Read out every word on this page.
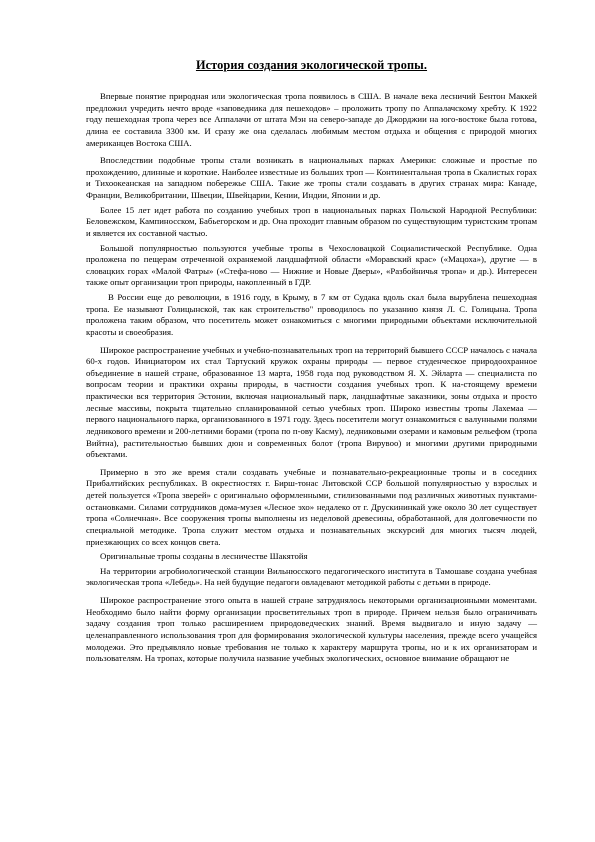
История создания экологической тропы.

Впервые понятие природная или экологическая тропа появилось в США. В начале века лесничий Бентон Маккей предложил учредить нечто вроде «заповедника для пешеходов» – проложить тропу по Аппалачскому хребту. К 1922 году пешеходная тропа через все Аппалачи от штата Мэн на северо-западе до Джорджии на юго-востоке была готова, длина ее составила 3300 км. И сразу же она сделалась любимым местом отдыха и общения с природой многих американцев Востока США.

Впоследствии подобные тропы стали возникать в национальных парках Америки: сложные и простые по прохождению, длинные и короткие. Наиболее известные из больших троп — Континентальная тропа в Скалистых горах и Тихоокеанская на западном побережье США. Такие же тропы стали создавать в других странах мира: Канаде, Франции, Великобритании, Швеции, Швейцарии, Кении, Индии, Японии и др.

Более 15 лет идет работа по созданию учебных троп в национальных парках Польской Народной Республики: Беловежском, Кампиносском, Бабьегорском и др. Она проходит главным образом по существующим туристским тропам и является их составной частью.

Большой популярностью пользуются учебные тропы в Чехословацкой Социалистической Республике. Одна проложена по пещерам отреченной охраняемой ландшафтной области «Моравский крас» («Мацоха»), другие — в словацких горах «Малой Фатры» («Стефа-ново — Нижние и Новые Дверы», «Разбойничья тропа» и др.). Интересен также опыт организации троп природы, накопленный в ГДР.

В России еще до революции, в 1916 году, в Крыму, в 7 км от Судака вдоль скал была вырублена пешеходная тропа. Ее называют Голицынской, так как строительство" проводилось по указанию князя Л. С. Голицына. Тропа проложена таким образом, что посетитель может ознакомиться с многими природными объектами исключительной красоты и своеобразия.

Широкое распространение учебных и учебно-познавательных троп на территорий бывшего СССР началось с начала 60-х годов. Инициатором их стал Тартуский кружок охраны природы — первое студенческое природоохранное объединение в нашей стране, образованное 13 марта, 1958 года под руководством Я. Х. Эйларта — специалиста по вопросам теории и практики охраны природы, в частности создания учебных троп. К на-стоящему времени практически вся территория Эстонии, включая национальный парк, ландшафтные заказники, зоны отдыха и просто лесные массивы, покрыта тщательно спланированной сетью учебных троп. Широко известны тропы Лахемаа — первого национального парка, организованного в 1971 году. Здесь посетители могут ознакомиться с валунными полями ледникового времени и 200-летними борами (тропа по п-ову Касму), ледниковыми озерами и камовым рельефом (тропа Вийтна), растительностью бывших дюн и современных болот (тропа Вирувоо) и многими другими природными объектами.

Примерно в это же время стали создавать учебные и познавательно-рекреационные тропы и в соседних Прибалтийских республиках. В окрестностях г. Бирш-тонас Литовской ССР большой популярностью у взрослых и детей пользуется «Тропа зверей» с оригинально оформленными, стилизованными под различных животных пунктами-остановками. Силами сотрудников дома-музея «Лесное эхо» недалеко от г. Друскининкай уже около 30 лет существует тропа «Солнечная». Все сооружения тропы выполнены из неделовой древесины, обработанной, для долговечности по специальной методике. Тропа служит местом отдыха и познавательных экскурсий для многих тысяч людей, приезжающих со всех концов света.

Оригинальные тропы созданы в лесничестве Шакятойя

На территории агробиологической станции Вильнюсского педагогического института в Тамошаве создана учебная экологическая тропа «Лебедь». На ней будущие педагоги овладевают методикой работы с детьми в природе.

Широкое распространение этого опыта в нашей стране затруднялось некоторыми организационными моментами. Необходимо было найти форму организации просветительных троп в природе. Причем нельзя было ограничивать задачу создания троп только расширением природоведческих знаний. Время выдвигало и иную задачу — целенаправленного использования троп для формирования экологической культуры населения, прежде всего учащейся молодежи. Это предъявляло новые требования не только к характеру маршрута тропы, но и к их организаторам и пользователям. На тропах, которые получила название учебных экологических, основное внимание обращают не
